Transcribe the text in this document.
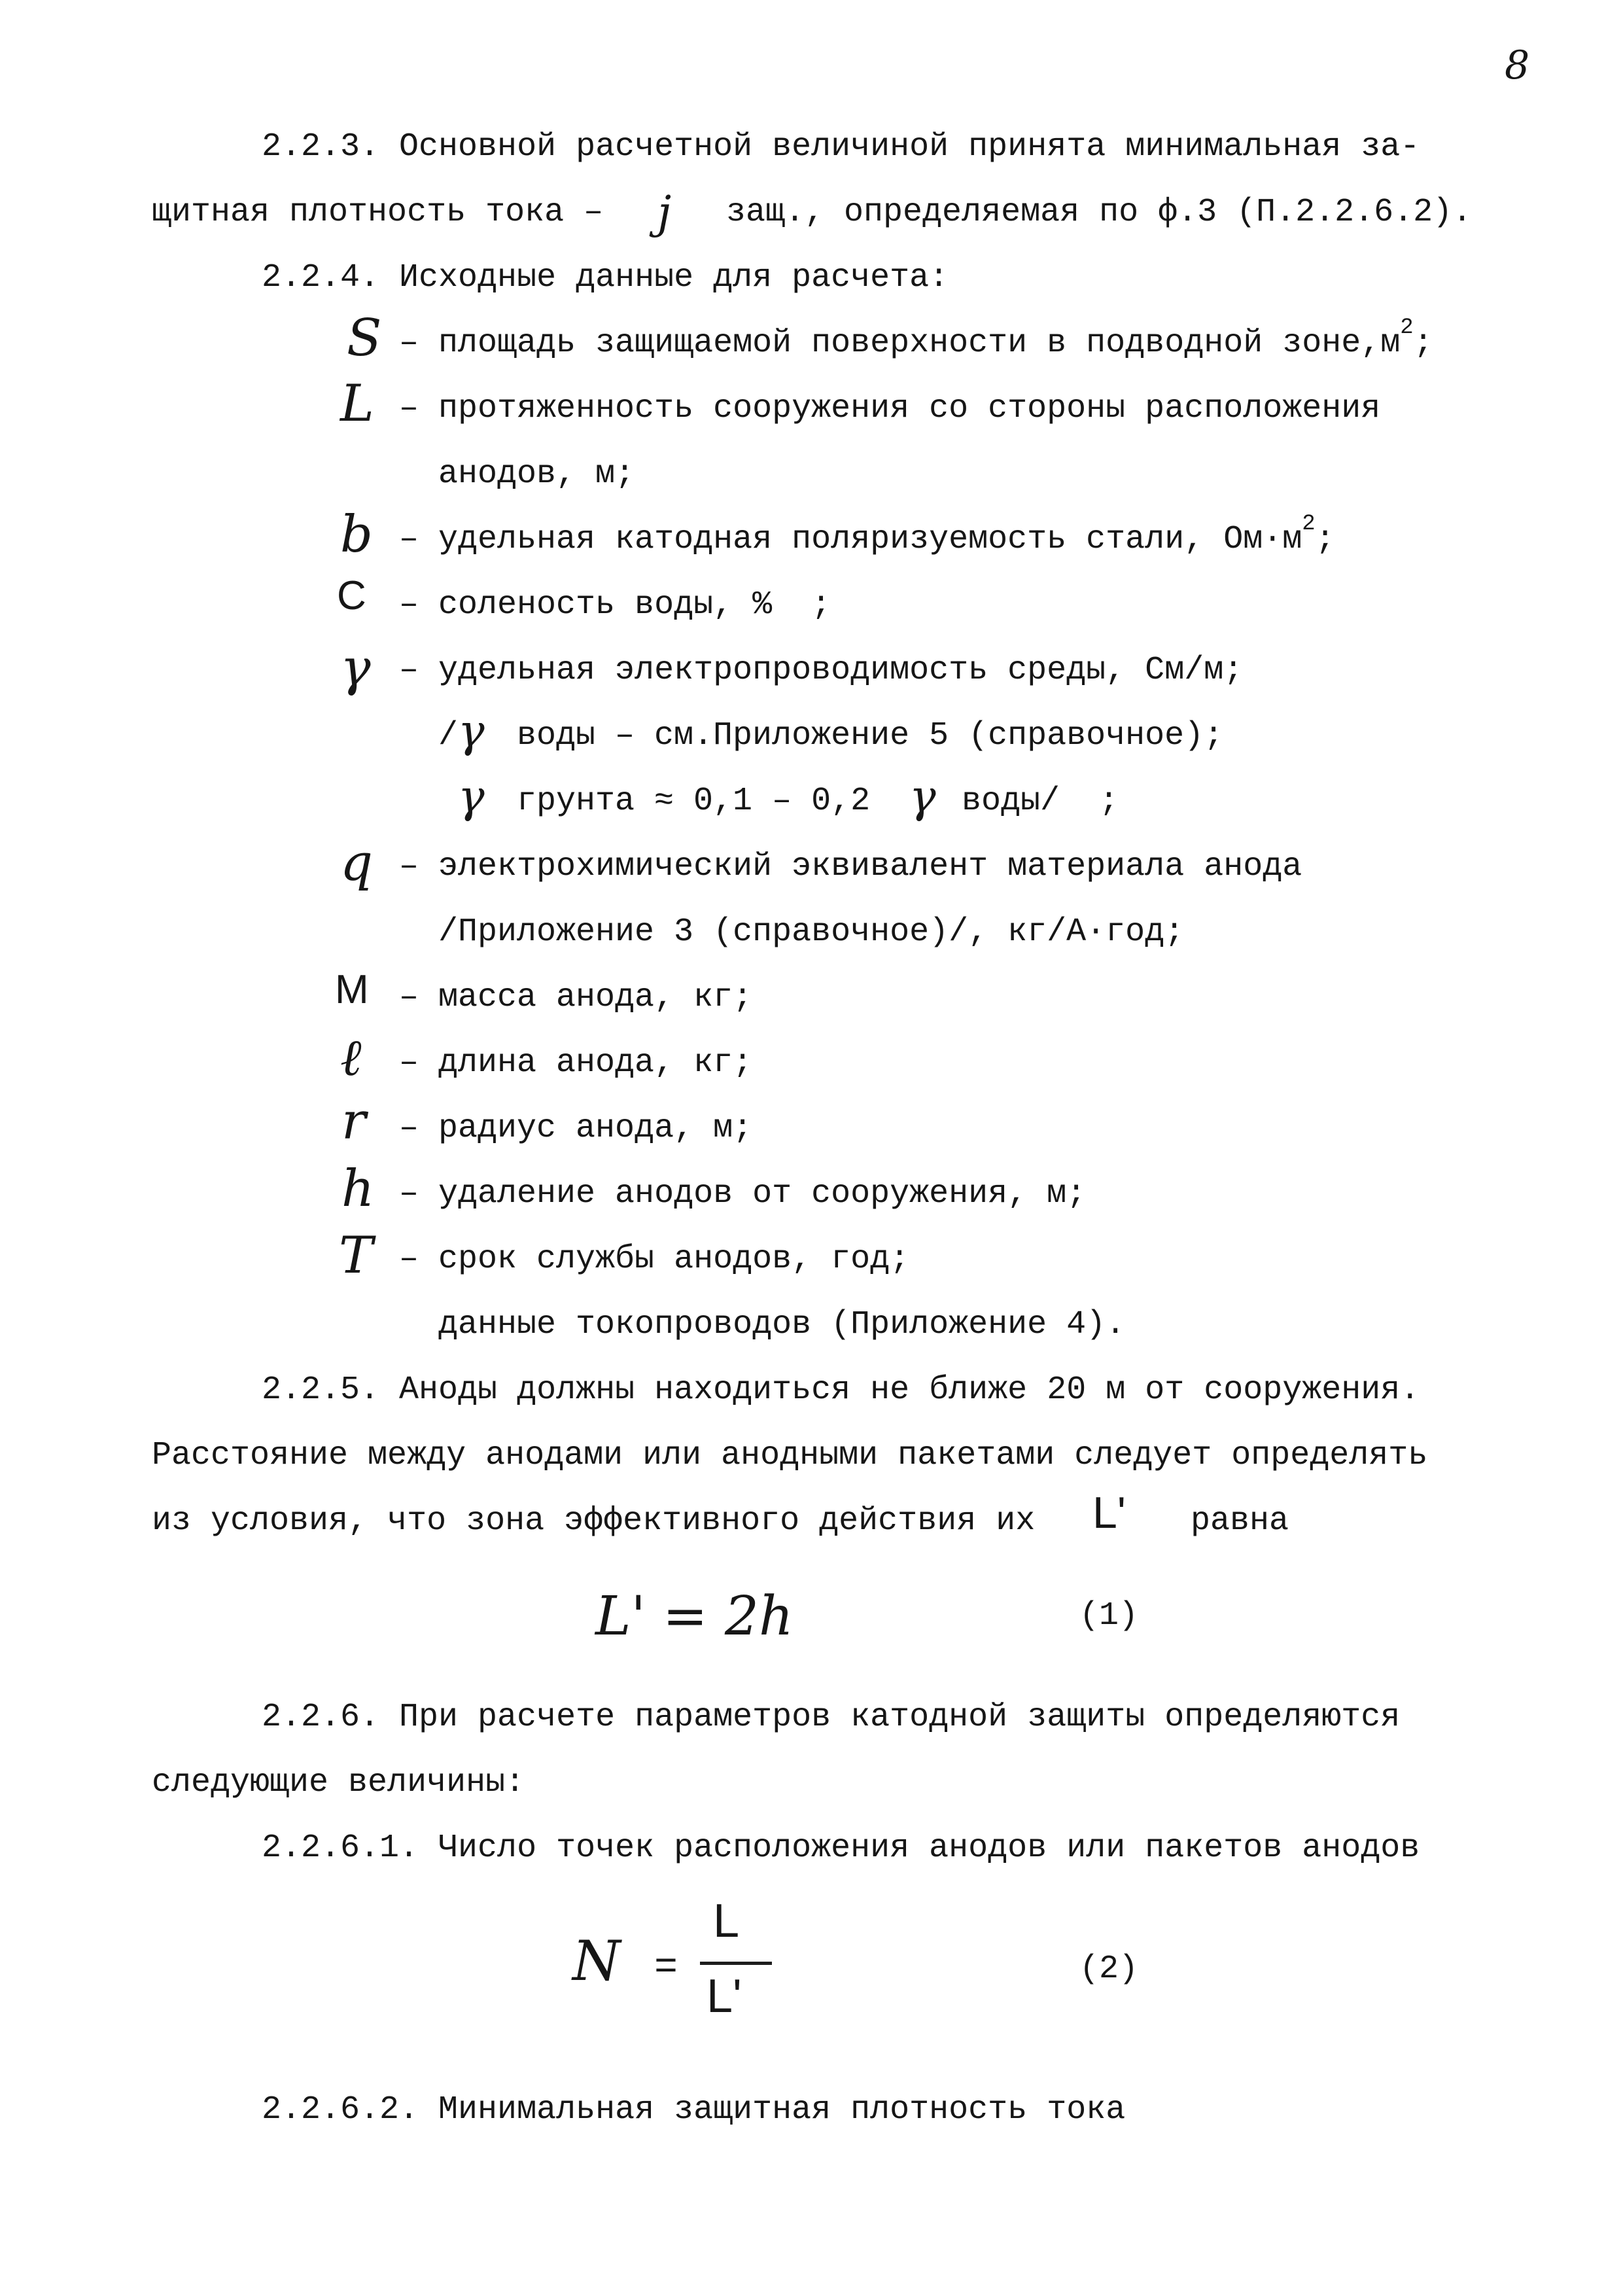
8
2.2.3. Основной расчетной величиной принята минимальная за-
щитная плотность тока – j защ., определяемая по ф.3 (П.2.2.6.2).
2.2.4. Исходные данные для расчета:
S – площадь защищаемой поверхности в подводной $зоне,м^2$;
L – протяженность сооружения со стороны расположения
анодов, м;
b – удельная катодная поляризуемость стали, $Ом\cdot м^2$;
C – соленость воды, %  ;
γ – удельная электропроводимость среды, См/м;
/ γ воды – см.Приложение 5 (справочное);
γ грунта ≈ 0,1 – 0,2 γ воды/  ;
q – электрохимический эквивалент материала анода
/Приложение 3 (справочное)/, кг/А·год;
M – масса анода, кг;
ℓ – длина анода, кг;
r – радиус анода, м;
h – удаление анодов от сооружения, м;
T – срок службы анодов, год;
данные токопроводов (Приложение 4).
2.2.5. Аноды должны находиться не ближе 20 м от сооружения.
Расстояние между анодами или анодными пакетами следует определять
из условия, что зона эффективного действия их L' равна
L' = 2h	(1)
2.2.6. При расчете параметров катодной защиты определяются
следующие величины:
2.2.6.1. Число точек расположения анодов или пакетов анодов
N =
L
L'
(2)
2.2.6.2. Минимальная защитная плотность тока
